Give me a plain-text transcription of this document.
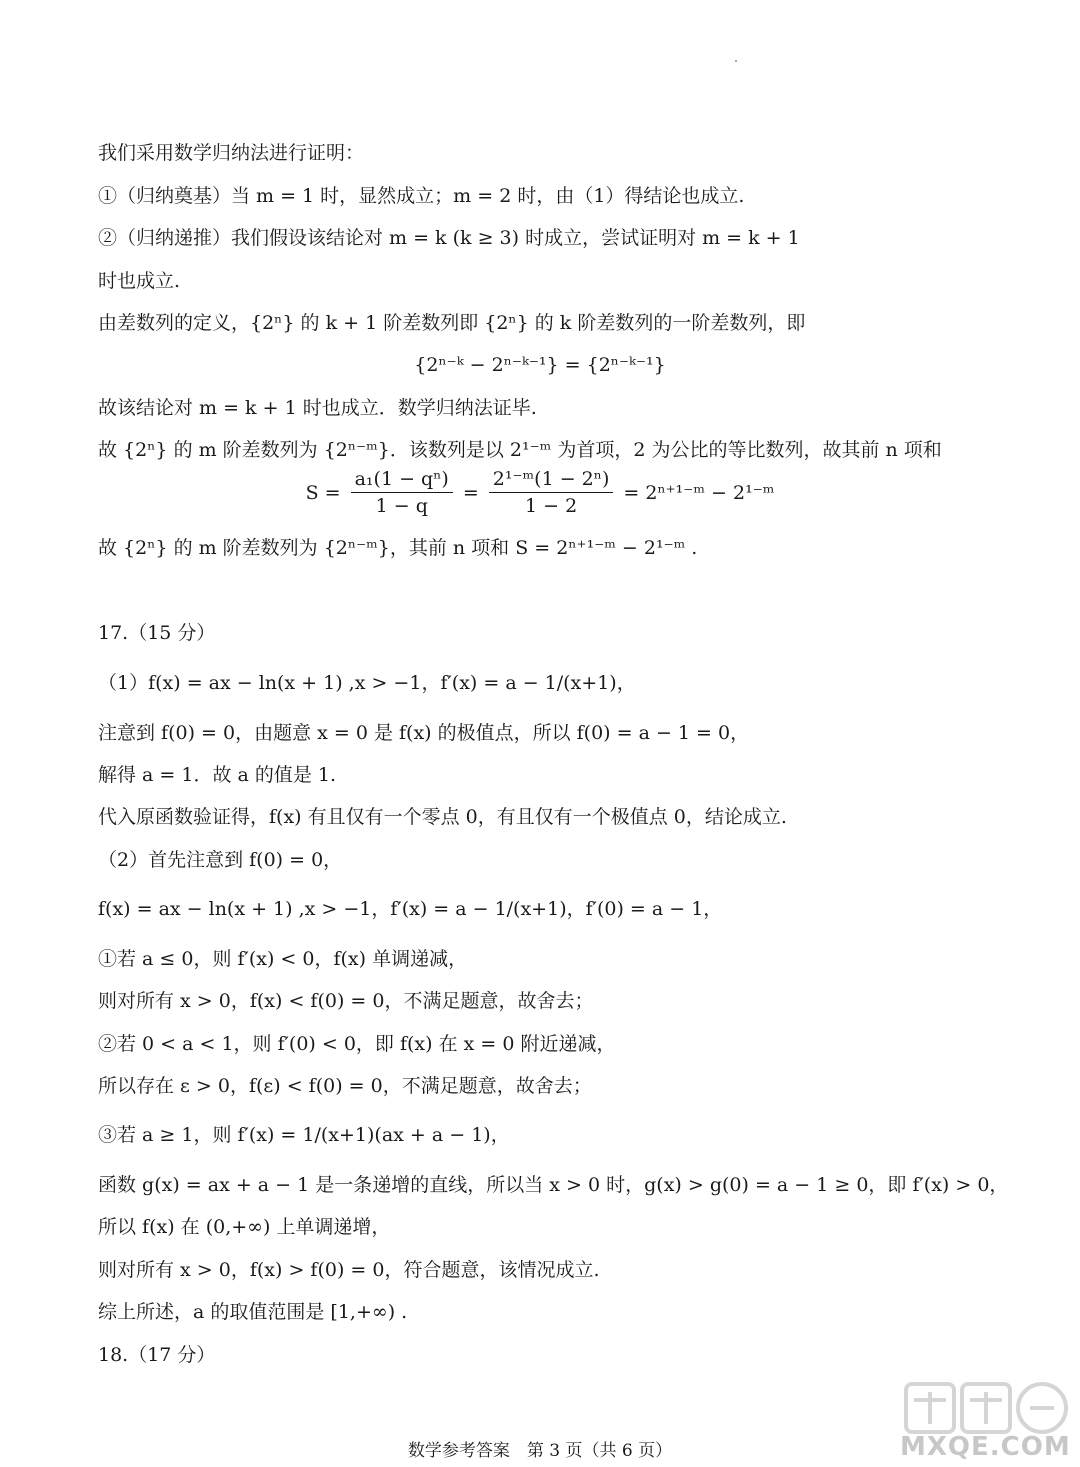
我们采用数学归纳法进行证明：
①（归纳奠基）当 m = 1 时，显然成立；m = 2 时，由（1）得结论也成立.
②（归纳递推）我们假设该结论对 m = k (k ≥ 3) 时成立，尝试证明对 m = k + 1
时也成立.
由差数列的定义，{2ⁿ} 的 k + 1 阶差数列即 {2ⁿ} 的 k 阶差数列的一阶差数列，即
{2ⁿ⁻ᵏ − 2ⁿ⁻ᵏ⁻¹} = {2ⁿ⁻ᵏ⁻¹}
故该结论对 m = k + 1 时也成立．数学归纳法证毕.
故 {2ⁿ} 的 m 阶差数列为 {2ⁿ⁻ᵐ}．该数列是以 2¹⁻ᵐ 为首项，2 为公比的等比数列，故其前 n 项和
$S = \frac{\text{a₁(1 − qⁿ)}}{1 - q} = \frac{\text{2¹⁻ᵐ(1 − 2ⁿ)}}{1 - 2}$ = 2ⁿ⁺¹⁻ᵐ − 2¹⁻ᵐ
故 {2ⁿ} 的 m 阶差数列为 {2ⁿ⁻ᵐ}，其前 n 项和 S = 2ⁿ⁺¹⁻ᵐ − 2¹⁻ᵐ .
17.（15 分）
（1）f(x) = ax − ln(x + 1) ,x > −1，f′(x) = a − 1/(x+1)，
注意到 f(0) = 0，由题意 x = 0 是 f(x) 的极值点，所以 f(0) = a − 1 = 0，
解得 a = 1．故 a 的值是 1.
代入原函数验证得，f(x) 有且仅有一个零点 0，有且仅有一个极值点 0，结论成立.
（2）首先注意到 f(0) = 0，
f(x) = ax − ln(x + 1) ,x > −1，f′(x) = a − 1/(x+1)，f′(0) = a − 1，
①若 a ≤ 0，则 f′(x) < 0，f(x) 单调递减，
则对所有 x > 0，f(x) < f(0) = 0，不满足题意，故舍去；
②若 0 < a < 1，则 f′(0) < 0，即 f(x) 在 x = 0 附近递减，
所以存在 ε > 0，f(ε) < f(0) = 0，不满足题意，故舍去；
③若 a ≥ 1，则 f′(x) = 1/(x+1)(ax + a − 1)，
函数 g(x) = ax + a − 1 是一条递增的直线，所以当 x > 0 时，g(x) > g(0) = a − 1 ≥ 0，即 f′(x) > 0，
所以 f(x) 在 (0,+∞) 上单调递增，
则对所有 x > 0，f(x) > f(0) = 0，符合题意，该情况成立.
综上所述，a 的取值范围是 [1,+∞) .
18.（17 分）
MXQE.COM
数学参考答案　第 3 页（共 6 页）
